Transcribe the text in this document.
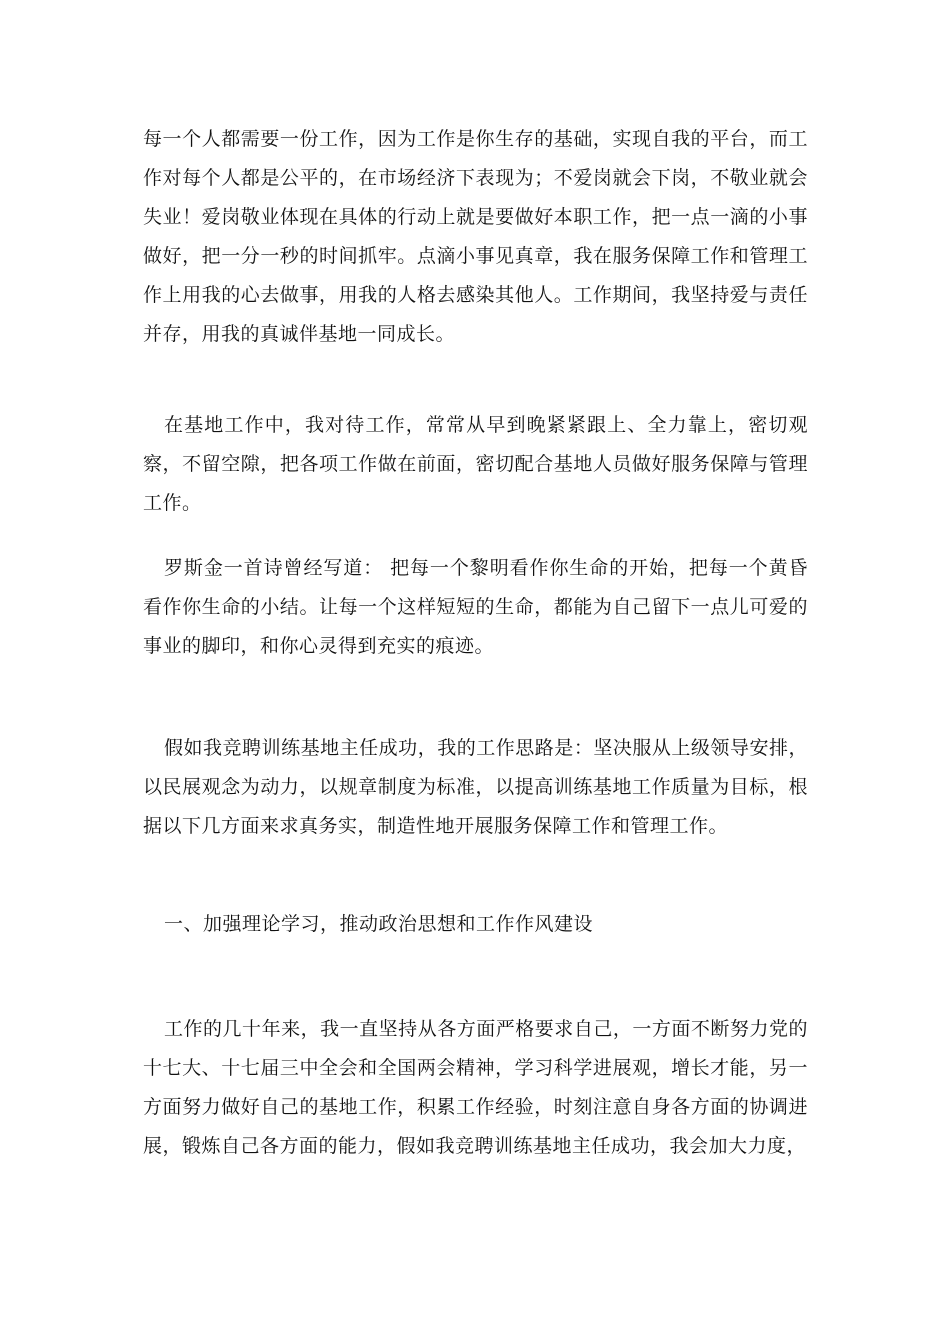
每一个人都需要一份工作，因为工作是你生存的基础，实现自我的平台，而工作对每个人都是公平的，在市场经济下表现为；不爱岗就会下岗，不敬业就会失业！爱岗敬业体现在具体的行动上就是要做好本职工作，把一点一滴的小事做好，把一分一秒的时间抓牢。点滴小事见真章，我在服务保障工作和管理工作上用我的心去做事，用我的人格去感染其他人。工作期间，我坚持爱与责任并存，用我的真诚伴基地一同成长。

在基地工作中，我对待工作，常常从早到晚紧紧跟上、全力靠上，密切观察，不留空隙，把各项工作做在前面，密切配合基地人员做好服务保障与管理工作。

罗斯金一首诗曾经写道： 把每一个黎明看作你生命的开始，把每一个黄昏看作你生命的小结。让每一个这样短短的生命，都能为自己留下一点儿可爱的事业的脚印，和你心灵得到充实的痕迹。

假如我竞聘训练基地主任成功，我的工作思路是：坚决服从上级领导安排，以民展观念为动力，以规章制度为标准，以提高训练基地工作质量为目标，根据以下几方面来求真务实，制造性地开展服务保障工作和管理工作。

一、加强理论学习，推动政治思想和工作作风建设

工作的几十年来，我一直坚持从各方面严格要求自己，一方面不断努力党的十七大、十七届三中全会和全国两会精神，学习科学进展观，增长才能，另一方面努力做好自己的基地工作，积累工作经验，时刻注意自身各方面的协调进展，锻炼自己各方面的能力，假如我竞聘训练基地主任成功，我会加大力度，
